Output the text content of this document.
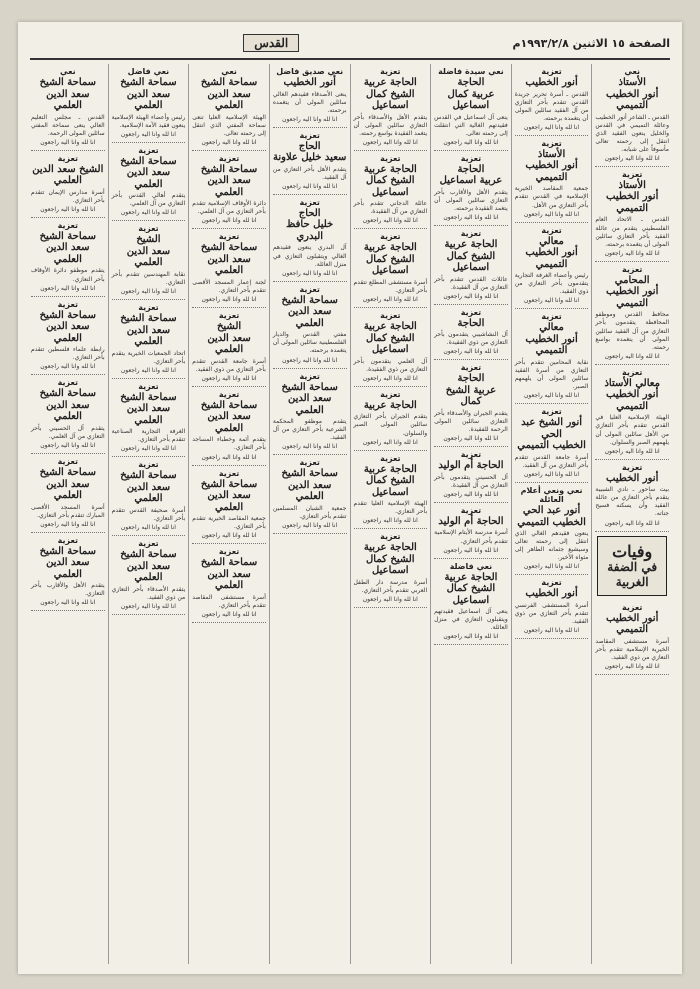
الصفحة ١٥ الاثنين ١٩٩٣/٢/٨م
القدس
نعي
الأستاذ
أنور الخطيب التميمي
القدس ـ الشاعر أنور الخطيب وعائلة التميمي في القدس والخليل ينعون الفقيد الذي انتقل إلى رحمته تعالى مأسوفاً على شبابه.
انا لله وانا اليه راجعون
تعزية
الأستاذ
أنور الخطيب التميمي
القدس ـ الاتحاد العام الفلسطيني يتقدم من عائلة الفقيد بأحر التعازي سائلين المولى أن يتغمده برحمته.
انا لله وانا اليه راجعون
تعزية
المحامي
أنور الخطيب التميمي
محافظ القدس وموظفو المحافظة يتقدمون بأحر التعازي من آل الفقيد سائلين المولى أن يتغمده بواسع رحمته.
انا لله وانا اليه راجعون
تعزية
معالي الأستاذ
أنور الخطيب التميمي
الهيئة الإسلامية العليا في القدس تتقدم بأحر التعازي من الأهل سائلين المولى أن يلهمهم الصبر والسلوان.
انا لله وانا اليه راجعون
تعزية
أنور الخطيب
بيت ساحور ـ نادي الشبيبة يتقدم بأحر التعازي من عائلة الفقيد وأن يسكنه فسيح جناته.
انا لله وانا اليه راجعون
وفيات
في الضفة الغربية
تعزية
أنور الخطيب التميمي
أسرة مستشفى المقاصد الخيرية الإسلامية تتقدم بأحر التعازي من ذوي الفقيد.
انا لله وانا اليه راجعون
تعزية
أنور الخطيب
القدس ـ أسرة تحرير جريدة القدس تتقدم بأحر التعازي من آل الفقيد سائلين المولى أن يتغمده برحمته.
انا لله وانا اليه راجعون
تعزية
الأستاذ
أنور الخطيب التميمي
جمعية المقاصد الخيرية الإسلامية في القدس تتقدم بأحر التعازي من الأهل.
انا لله وانا اليه راجعون
تعزية
معالي
أنور الخطيب التميمي
رئيس وأعضاء الغرفة التجارية يتقدمون بأحر التعازي من ذوي الفقيد.
انا لله وانا اليه راجعون
تعزية
معالي
أنور الخطيب التميمي
نقابة المحامين تتقدم بأحر التعازي من أسرة الفقيد سائلين المولى أن يلهمهم الصبر.
انا لله وانا اليه راجعون
تعزية
أنور الشيخ عبد الحي
الخطيب التميمي
أسرة جامعة القدس تتقدم بأحر التعازي من آل الفقيد.
انا لله وانا اليه راجعون
نعي ونعي أعلام العائلة
أنور عبد الحي
الخطيب التميمي
ينعون فقيدهم الغالي الذي انتقل إلى رحمته تعالى وسيشيع جثمانه الطاهر إلى مثواه الأخير.
انا لله وانا اليه راجعون
تعزية
أنور الخطيب
أسرة المستشفى الفرنسي تتقدم بأحر التعازي من ذوي الفقيد.
انا لله وانا اليه راجعون
نعي سيدة فاضلة
الحاجة
عربية كمال اسماعيل
ينعى آل اسماعيل في القدس فقيدتهم الغالية التي انتقلت إلى رحمته تعالى.
انا لله وانا اليه راجعون
تعزية
الحاجة
عربية اسماعيل
يتقدم الأهل والأقارب بأحر التعازي سائلين المولى أن يتغمد الفقيدة برحمته.
انا لله وانا اليه راجعون
تعزية
الحاجة عربية
الشيخ كمال اسماعيل
عائلات القدس تتقدم بأحر التعازي من آل الفقيدة.
انا لله وانا اليه راجعون
تعزية
الحاجة
آل النشاشيبي يتقدمون بأحر التعازي من ذوي الفقيدة.
انا لله وانا اليه راجعون
تعزية
الحاجة
عربية الشيخ كمال
يتقدم الجيران والأصدقاء بأحر التعازي سائلين المولى الرحمة للفقيدة.
انا لله وانا اليه راجعون
تعزية
الحاجة أم الوليد
آل الحسيني يتقدمون بأحر التعازي من آل الفقيدة.
انا لله وانا اليه راجعون
تعزية
الحاجة أم الوليد
أسرة مدرسة الأيتام الإسلامية تتقدم بأحر التعازي.
انا لله وانا اليه راجعون
نعي فاضلة
الحاجة عربية
الشيخ كمال اسماعيل
ينعى آل اسماعيل فقيدتهم ويتقبلون التعازي في منزل العائلة.
انا لله وانا اليه راجعون
تعزية
الحاجة عربية
الشيخ كمال اسماعيل
يتقدم الأهل والأصدقاء بأحر التعازي سائلين المولى أن يتغمد الفقيدة بواسع رحمته.
انا لله وانا اليه راجعون
تعزية
الحاجة عربية
الشيخ كمال اسماعيل
عائلة الدجاني تتقدم بأحر التعازي من آل الفقيدة.
انا لله وانا اليه راجعون
تعزية
الحاجة عربية
الشيخ كمال اسماعيل
أسرة مستشفى المطلع تتقدم بأحر التعازي.
انا لله وانا اليه راجعون
تعزية
الحاجة عربية
الشيخ كمال اسماعيل
آل العلمي يتقدمون بأحر التعازي من ذوي الفقيدة.
انا لله وانا اليه راجعون
تعزية
الحاجة عربية
يتقدم الجيران بأحر التعازي سائلين المولى الصبر والسلوان.
انا لله وانا اليه راجعون
تعزية
الحاجة عربية
الشيخ كمال اسماعيل
الهيئة الإسلامية العليا تتقدم بأحر التعازي.
انا لله وانا اليه راجعون
تعزية
الحاجة عربية
الشيخ كمال اسماعيل
أسرة مدرسة دار الطفل العربي تتقدم بأحر التعازي.
انا لله وانا اليه راجعون
نعي صديق فاضل
أنور الخطيب
ينعى الأصدقاء فقيدهم الغالي سائلين المولى أن يتغمده برحمته.
انا لله وانا اليه راجعون
تعزية
الحاج
سعيد خليل علاونة
يتقدم الأهل بأحر التعازي من آل الفقيد.
انا لله وانا اليه راجعون
تعزية
الحاج
خليل حافظ البدري
آل البدري ينعون فقيدهم الغالي ويتقبلون التعازي في منزل العائلة.
انا لله وانا اليه راجعون
تعزية
سماحة الشيخ
سعد الدين العلمي
مفتي القدس والديار الفلسطينية سائلين المولى أن يتغمده برحمته.
انا لله وانا اليه راجعون
تعزية
سماحة الشيخ
سعد الدين العلمي
يتقدم موظفو المحكمة الشرعية بأحر التعازي من آل الفقيد.
انا لله وانا اليه راجعون
تعزية
سماحة الشيخ
سعد الدين العلمي
جمعية الشبان المسلمين تتقدم بأحر التعازي.
انا لله وانا اليه راجعون
نعي
سماحة الشيخ
سعد الدين العلمي
الهيئة الإسلامية العليا تنعى سماحة المفتي الذي انتقل إلى رحمته تعالى.
انا لله وانا اليه راجعون
تعزية
سماحة الشيخ
سعد الدين العلمي
دائرة الأوقاف الإسلامية تتقدم بأحر التعازي من آل العلمي.
انا لله وانا اليه راجعون
تعزية
سماحة الشيخ
سعد الدين العلمي
لجنة إعمار المسجد الأقصى تتقدم بأحر التعازي.
انا لله وانا اليه راجعون
تعزية
الشيخ
سعد الدين العلمي
أسرة جامعة القدس تتقدم بأحر التعازي من ذوي الفقيد.
انا لله وانا اليه راجعون
تعزية
سماحة الشيخ
سعد الدين العلمي
يتقدم أئمة وخطباء المساجد بأحر التعازي.
انا لله وانا اليه راجعون
تعزية
سماحة الشيخ
سعد الدين العلمي
جمعية المقاصد الخيرية تتقدم بأحر التعازي.
انا لله وانا اليه راجعون
تعزية
سماحة الشيخ
سعد الدين العلمي
أسرة مستشفى المقاصد تتقدم بأحر التعازي.
انا لله وانا اليه راجعون
نعي فاضل
سماحة الشيخ
سعد الدين العلمي
رئيس وأعضاء الهيئة الإسلامية ينعون فقيد الأمة الإسلامية.
انا لله وانا اليه راجعون
تعزية
سماحة الشيخ
سعد الدين العلمي
يتقدم أهالي القدس بأحر التعازي من آل العلمي.
انا لله وانا اليه راجعون
تعزية
الشيخ
سعد الدين العلمي
نقابة المهندسين تتقدم بأحر التعازي.
انا لله وانا اليه راجعون
تعزية
سماحة الشيخ
سعد الدين العلمي
اتحاد الجمعيات الخيرية يتقدم بأحر التعازي.
انا لله وانا اليه راجعون
تعزية
سماحة الشيخ
سعد الدين العلمي
الغرفة التجارية الصناعية تتقدم بأحر التعازي.
انا لله وانا اليه راجعون
تعزية
سماحة الشيخ
سعد الدين العلمي
أسرة صحيفة القدس تتقدم بأحر التعازي.
انا لله وانا اليه راجعون
تعزية
سماحة الشيخ
سعد الدين العلمي
يتقدم الأصدقاء بأحر التعازي من ذوي الفقيد.
انا لله وانا اليه راجعون
نعي
سماحة الشيخ
سعد الدين العلمي
القدس ـ مجلس التعليم العالي ينعى سماحة المفتي سائلين المولى الرحمة.
انا لله وانا اليه راجعون
تعزية
الشيخ سعد الدين العلمي
أسرة مدارس الإيمان تتقدم بأحر التعازي.
انا لله وانا اليه راجعون
تعزية
سماحة الشيخ
سعد الدين العلمي
يتقدم موظفو دائرة الأوقاف بأحر التعازي.
انا لله وانا اليه راجعون
تعزية
سماحة الشيخ
سعد الدين العلمي
رابطة علماء فلسطين تتقدم بأحر التعازي.
انا لله وانا اليه راجعون
تعزية
سماحة الشيخ
سعد الدين العلمي
يتقدم آل الحسيني بأحر التعازي من آل العلمي.
انا لله وانا اليه راجعون
تعزية
سماحة الشيخ
سعد الدين العلمي
أسرة المسجد الأقصى المبارك تتقدم بأحر التعازي.
انا لله وانا اليه راجعون
تعزية
سماحة الشيخ
سعد الدين العلمي
يتقدم الأهل والأقارب بأحر التعازي.
انا لله وانا اليه راجعون
